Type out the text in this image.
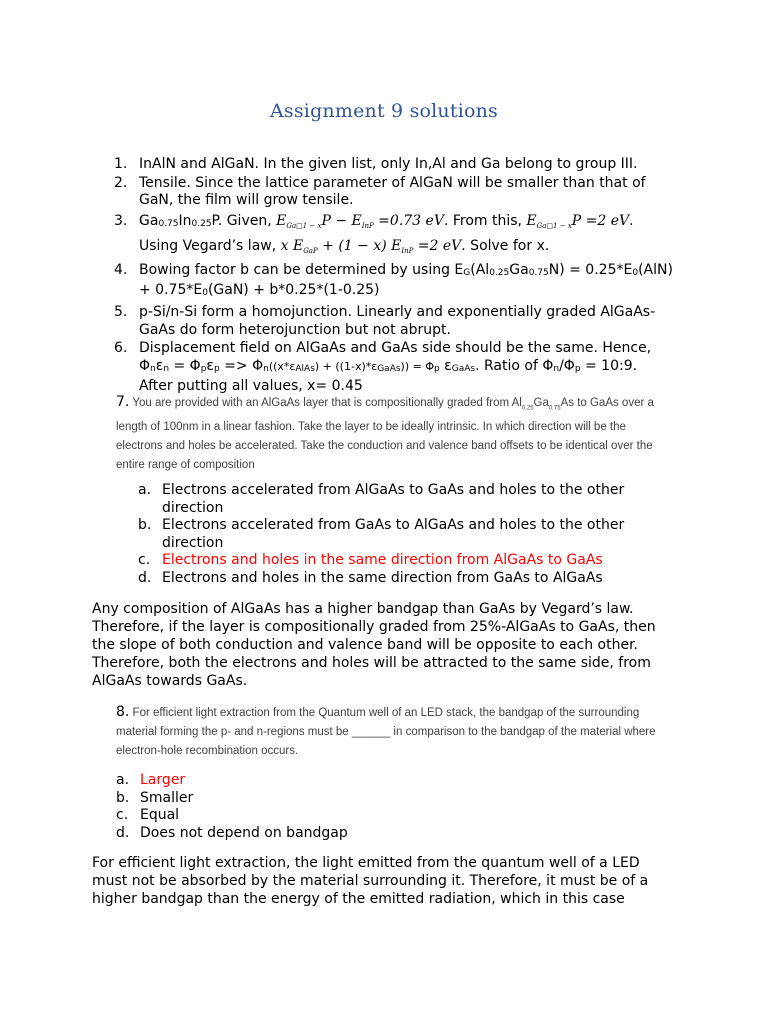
Assignment 9 solutions
1. InAlN and AlGaN. In the given list, only In,Al and Ga belong to group III.
2. Tensile. Since the lattice parameter of AlGaN will be smaller than that of GaN, the film will grow tensile.
3. $Ga_{0.75}In_{0.25}P$. Given, $E_{Ga□1 - x}P - E_{InP} =0.73$ eV. From this, $E_{Ga□1 - x}P =2$ eV. Using Vegard’s law, x $E_{GaP} + (1 - x)$ $E_{InP} =2$ eV. Solve for x.
4. Bowing factor b can be determined by using $E_G(Al_{0.25}Ga_{0.75}N) = 0.25*E_0(AlN) + 0.75*E_0(GaN) + b*0.25*(1-0.25)$
5. p-Si/n-Si form a homojunction. Linearly and exponentially graded AlGaAs-GaAs do form heterojunction but not abrupt.
6. Displacement field on AlGaAs and GaAs side should be the same. Hence, $\Phi_n\varepsilon_n = \Phi_p\varepsilon_p => \Phi_n((x*\varepsilon_{AlAs}) + ((1-x)*\varepsilon_{GaAs})) = \Phi_p$ $\varepsilon_{GaAs}$. Ratio of $\Phi_n/\Phi_p$ = 10:9. After putting all values, x= 0.45
7. You are provided with an AlGaAs layer that is compositionally graded from $Al_{0.25}Ga_{0.75}As$ to GaAs over a length of 100nm in a linear fashion. Take the layer to be ideally intrinsic. In which direction will be the electrons and holes be accelerated. Take the conduction and valence band offsets to be identical over the entire range of composition
a. Electrons accelerated from AlGaAs to GaAs and holes to the other direction
b. Electrons accelerated from GaAs to AlGaAs and holes to the other direction
c. Electrons and holes in the same direction from AlGaAs to GaAs
d. Electrons and holes in the same direction from GaAs to AlGaAs
Any composition of AlGaAs has a higher bandgap than GaAs by Vegard’s law. Therefore, if the layer is compositionally graded from 25%-AlGaAs to GaAs, then the slope of both conduction and valence band will be opposite to each other. Therefore, both the electrons and holes will be attracted to the same side, from AlGaAs towards GaAs.
8. For efficient light extraction from the Quantum well of an LED stack, the bandgap of the surrounding material forming the p- and n-regions must be ______ in comparison to the bandgap of the material where electron-hole recombination occurs.
a. Larger
b. Smaller
c. Equal
d. Does not depend on bandgap
For efficient light extraction, the light emitted from the quantum well of a LED must not be absorbed by the material surrounding it. Therefore, it must be of a higher bandgap than the energy of the emitted radiation, which in this case
